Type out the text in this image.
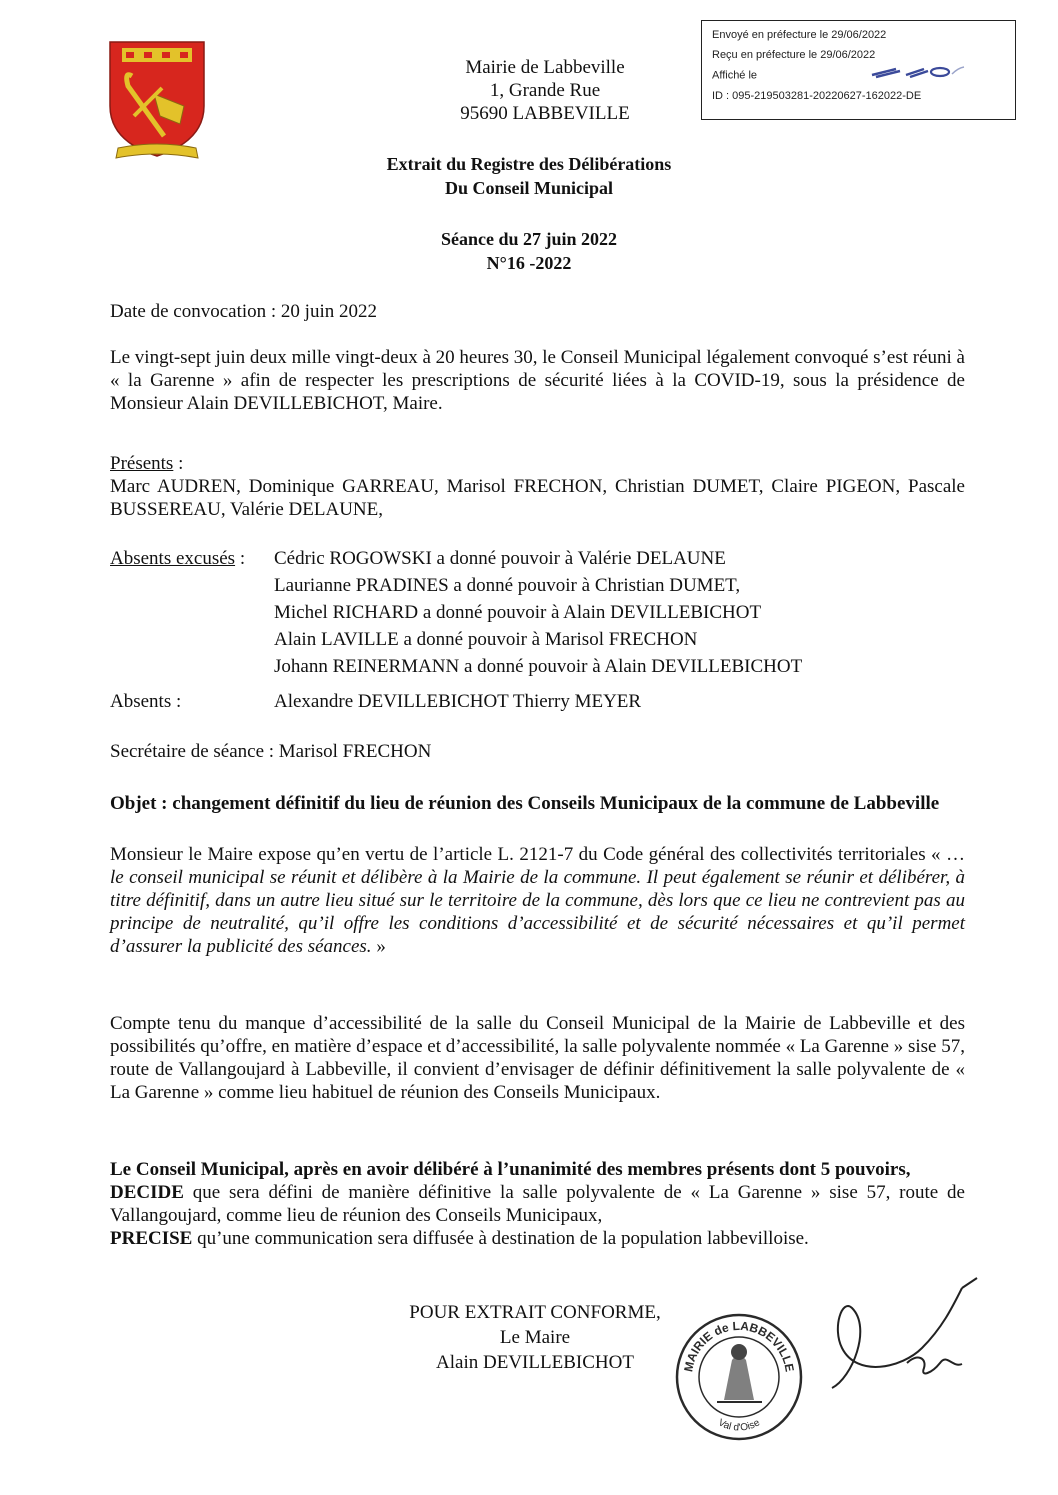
Mairie de Labbeville
1, Grande Rue
95690 LABBEVILLE
Envoyé en préfecture le 29/06/2022
Reçu en préfecture le 29/06/2022
Affiché le
ID : 095-219503281-20220627-162022-DE
Extrait du Registre des Délibérations
Du Conseil Municipal
Séance du 27 juin 2022
N°16 -2022
Date de convocation : 20 juin 2022
Le vingt-sept juin deux mille vingt-deux à 20 heures 30, le Conseil Municipal légalement convoqué s’est réuni à « la Garenne » afin de respecter les prescriptions de sécurité liées à la COVID-19, sous la présidence de Monsieur Alain DEVILLEBICHOT, Maire.
Présents :
Marc AUDREN, Dominique GARREAU, Marisol FRECHON, Christian DUMET, Claire PIGEON, Pascale BUSSEREAU, Valérie DELAUNE,
Absents excusés : Cédric ROGOWSKI a donné pouvoir à Valérie DELAUNE
Laurianne PRADINES a donné pouvoir à Christian DUMET,
Michel RICHARD a donné pouvoir à Alain DEVILLEBICHOT
Alain LAVILLE a donné pouvoir à Marisol FRECHON
Johann REINERMANN a donné pouvoir à Alain DEVILLEBICHOT
Absents :	Alexandre DEVILLEBICHOT Thierry MEYER
Secrétaire de séance : Marisol FRECHON
Objet : changement définitif du lieu de réunion des Conseils Municipaux de la commune de Labbeville
Monsieur le Maire expose qu’en vertu de l’article L. 2121-7 du Code général des collectivités territoriales « …le conseil municipal se réunit et délibère à la Mairie de la commune. Il peut également se réunir et délibérer, à titre définitif, dans un autre lieu situé sur le territoire de la commune, dès lors que ce lieu ne contrevient pas au principe de neutralité, qu’il offre les conditions d’accessibilité et de sécurité nécessaires et qu’il permet d’assurer la publicité des séances. »
Compte tenu du manque d’accessibilité de la salle du Conseil Municipal de la Mairie de Labbeville et des possibilités qu’offre, en matière d’espace et d’accessibilité, la salle polyvalente nommée « La Garenne » sise 57, route de Vallangoujard à Labbeville, il convient d’envisager de définir définitivement la salle polyvalente de « La Garenne » comme lieu habituel de réunion des Conseils Municipaux.
Le Conseil Municipal, après en avoir délibéré à l’unanimité des membres présents dont 5 pouvoirs,
DECIDE que sera défini de manière définitive la salle polyvalente de « La Garenne » sise 57, route de Vallangoujard, comme lieu de réunion des Conseils Municipaux,
PRECISE qu’une communication sera diffusée à destination de la population labbevilloise.
POUR EXTRAIT CONFORME,
Le Maire
Alain DEVILLEBICHOT	MAIRIE de LABBEVILLE
Val d'Oise
